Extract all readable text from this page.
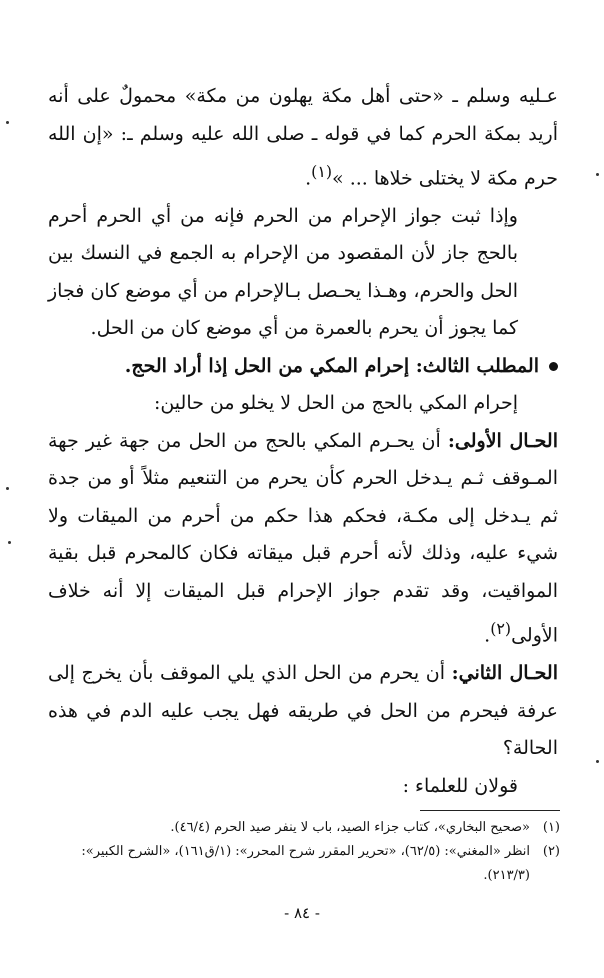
عـليه وسلم ـ «حتى أهل مكة يهلون من مكة» محمولٌ على أنه أريد بمكة الحرم كما في قوله ـ صلى الله عليه وسلم ـ: «إن الله حرم مكة لا يختلى خلاها ... »$^{(١)}$.

وإذا ثبت جواز الإحرام من الحرم فإنه من أي الحرم أحرم بالحج جاز لأن المقصود من الإحرام به الجمع في النسك بين الحل والحرم، وهـذا يحـصل بـالإحرام من أي موضع كان فجاز كما يجوز أن يحرم بالعمرة من أي موضع كان من الحل.

المطلب الثالث: إحرام المكي من الحل إذا أراد الحج.

إحرام المكي بالحج من الحل لا يخلو من حالين:

الحـال الأولى: أن يحـرم المكي بالحج من الحل من جهة غير جهة المـوقف ثـم يـدخل الحرم كأن يحرم من التنعيم مثلاً أو من جدة ثم يـدخل إلى مكـة، فحكم هذا حكم من أحرم من الميقات ولا شيء عليه، وذلك لأنه أحرم قبل ميقاته فكان كالمحرم قبل بقية المواقيت، وقد تقدم جواز الإحرام قبل الميقات إلا أنه خلاف الأولى$^{(٢)}$.

الحـال الثاني: أن يحرم من الحل الذي يلي الموقف بأن يخرج إلى عرفة فيحرم من الحل في طريقه فهل يجب عليه الدم في هذه الحالة؟

قولان للعلماء :

(١)
«صحيح البخاري»، كتاب جزاء الصيد، باب لا ينفر صيد الحرم (٤٦/٤).
(٢)
انظر «المغني»: (٦٢/٥)، «تحرير المقرر شرح المحرر»: (١/ق١٦١)، «الشرح الكبير»: (٢١٣/٣).
- ٨٤ -
